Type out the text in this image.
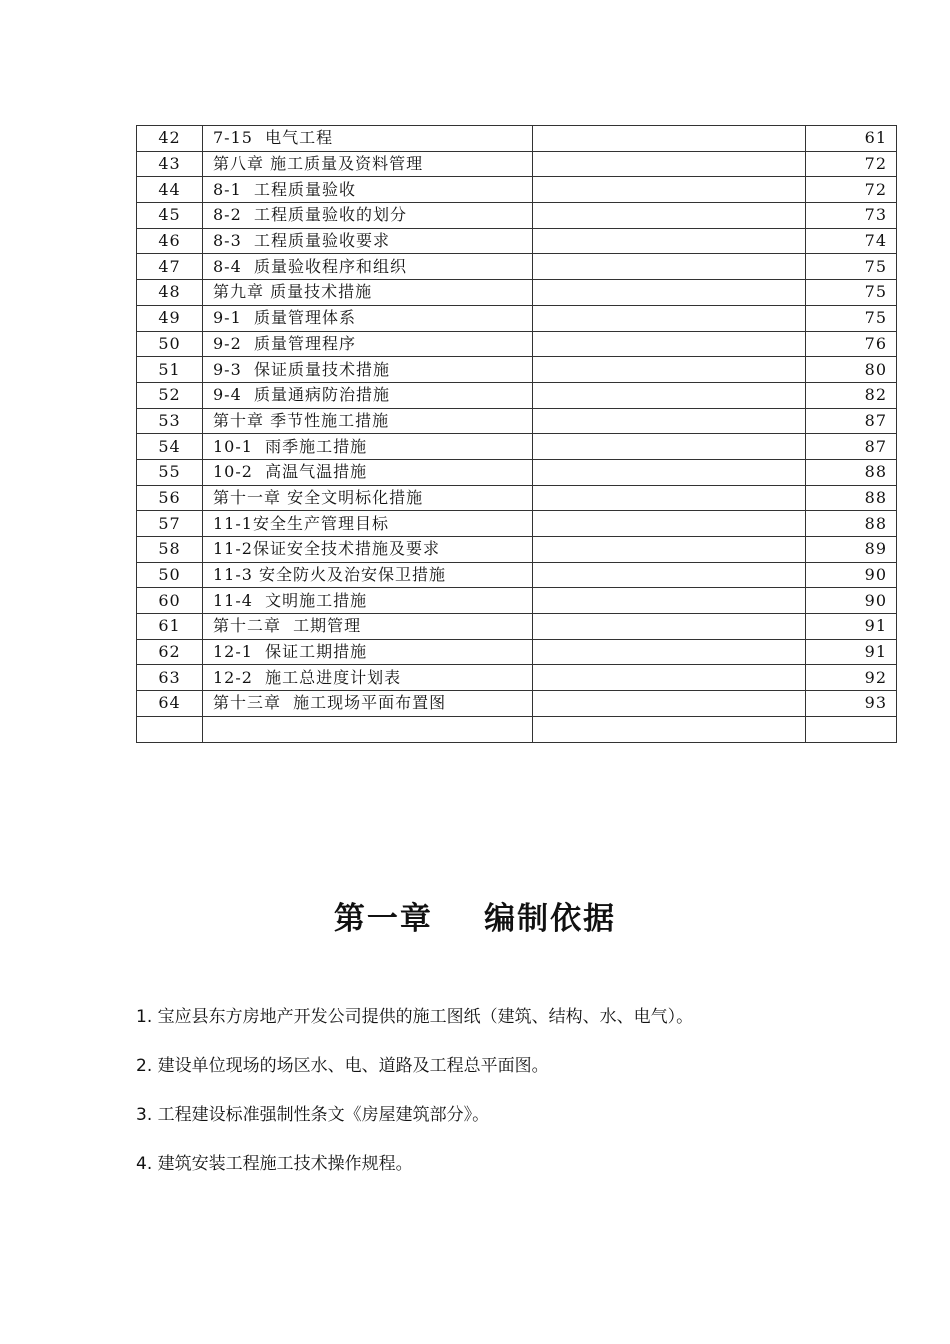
42	7-15  电气工程		61
43	第八章 施工质量及资料管理		72
44	8-1  工程质量验收		72
45	8-2  工程质量验收的划分		73
46	8-3  工程质量验收要求		74
47	8-4  质量验收程序和组织		75
48	第九章 质量技术措施		75
49	9-1  质量管理体系		75
50	9-2  质量管理程序		76
51	9-3  保证质量技术措施		80
52	9-4  质量通病防治措施		82
53	第十章 季节性施工措施		87
54	10-1  雨季施工措施		87
55	10-2  高温气温措施		88
56	第十一章 安全文明标化措施		88
57	11-1安全生产管理目标		88
58	11-2保证安全技术措施及要求		89
50	11-3 安全防火及治安保卫措施		90
60	11-4  文明施工措施		90
61	第十二章  工期管理		91
62	12-1  保证工期措施		91
63	12-2  施工总进度计划表		92
64	第十三章  施工现场平面布置图		93

第一章    编制依据
1. 宝应县东方房地产开发公司提供的施工图纸（建筑、结构、水、电气）。
2. 建设单位现场的场区水、电、道路及工程总平面图。
3. 工程建设标准强制性条文《房屋建筑部分》。
4. 建筑安装工程施工技术操作规程。
